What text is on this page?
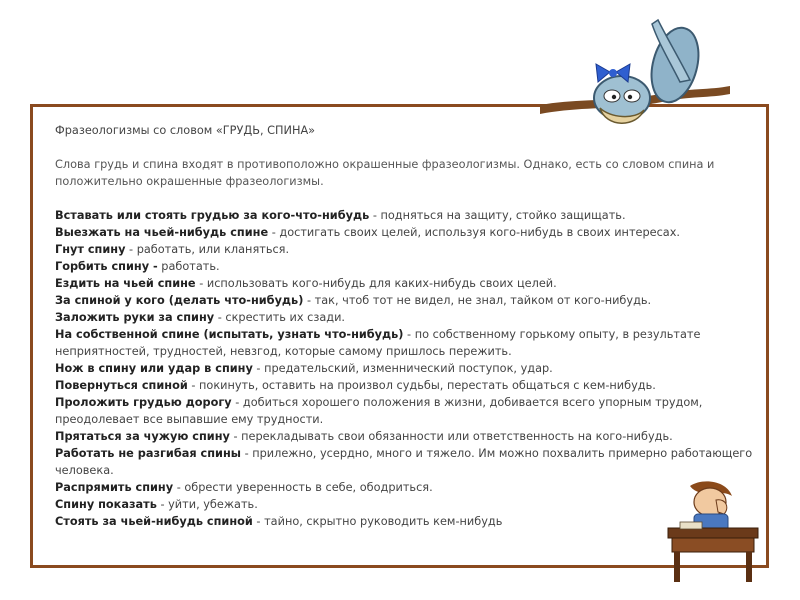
Фразеологизмы со словом «ГРУДЬ, СПИНА»

Слова грудь и спина входят в противоположно окрашенные фразеологизмы. Однако, есть со словом спина и
положительно окрашенные фразеологизмы.

Вставать или стоять грудью за кого-что-нибудь - подняться на защиту, стойко защищать.

Выезжать на чьей-нибудь спине - достигать своих целей, используя кого-нибудь в своих интересах.

Гнут спину - работать, или кланяться.

Горбить спину - работать.

Ездить на чьей спине - использовать кого-нибудь для каких-нибудь своих целей.

За спиной у кого (делать что-нибудь) - так, чтоб тот не видел, не знал, тайком от кого-нибудь.

Заложить руки за спину - скрестить их сзади.

На собственной спине (испытать, узнать что-нибудь) - по собственному горькому опыту, в результате

неприятностей, трудностей, невзгод, которые самому пришлось пережить.

Нож в спину или удар в спину - предательский, изменнический поступок, удар.

Повернуться спиной - покинуть, оставить на произвол судьбы, перестать общаться с кем-нибудь.

Проложить грудью дорогу - добиться хорошего положения в жизни, добивается всего упорным трудом,

преодолевает все выпавшие ему трудности.

Прятаться за чужую спину - перекладывать свои обязанности или ответственность на кого-нибудь.

Работать не разгибая спины - прилежно, усердно, много и тяжело. Им можно похвалить примерно работающего

человека.

Распрямить спину - обрести уверенность в себе, ободриться.

Спину показать - уйти, убежать.

Стоять за чьей-нибудь спиной - тайно, скрытно руководить кем-нибудь
